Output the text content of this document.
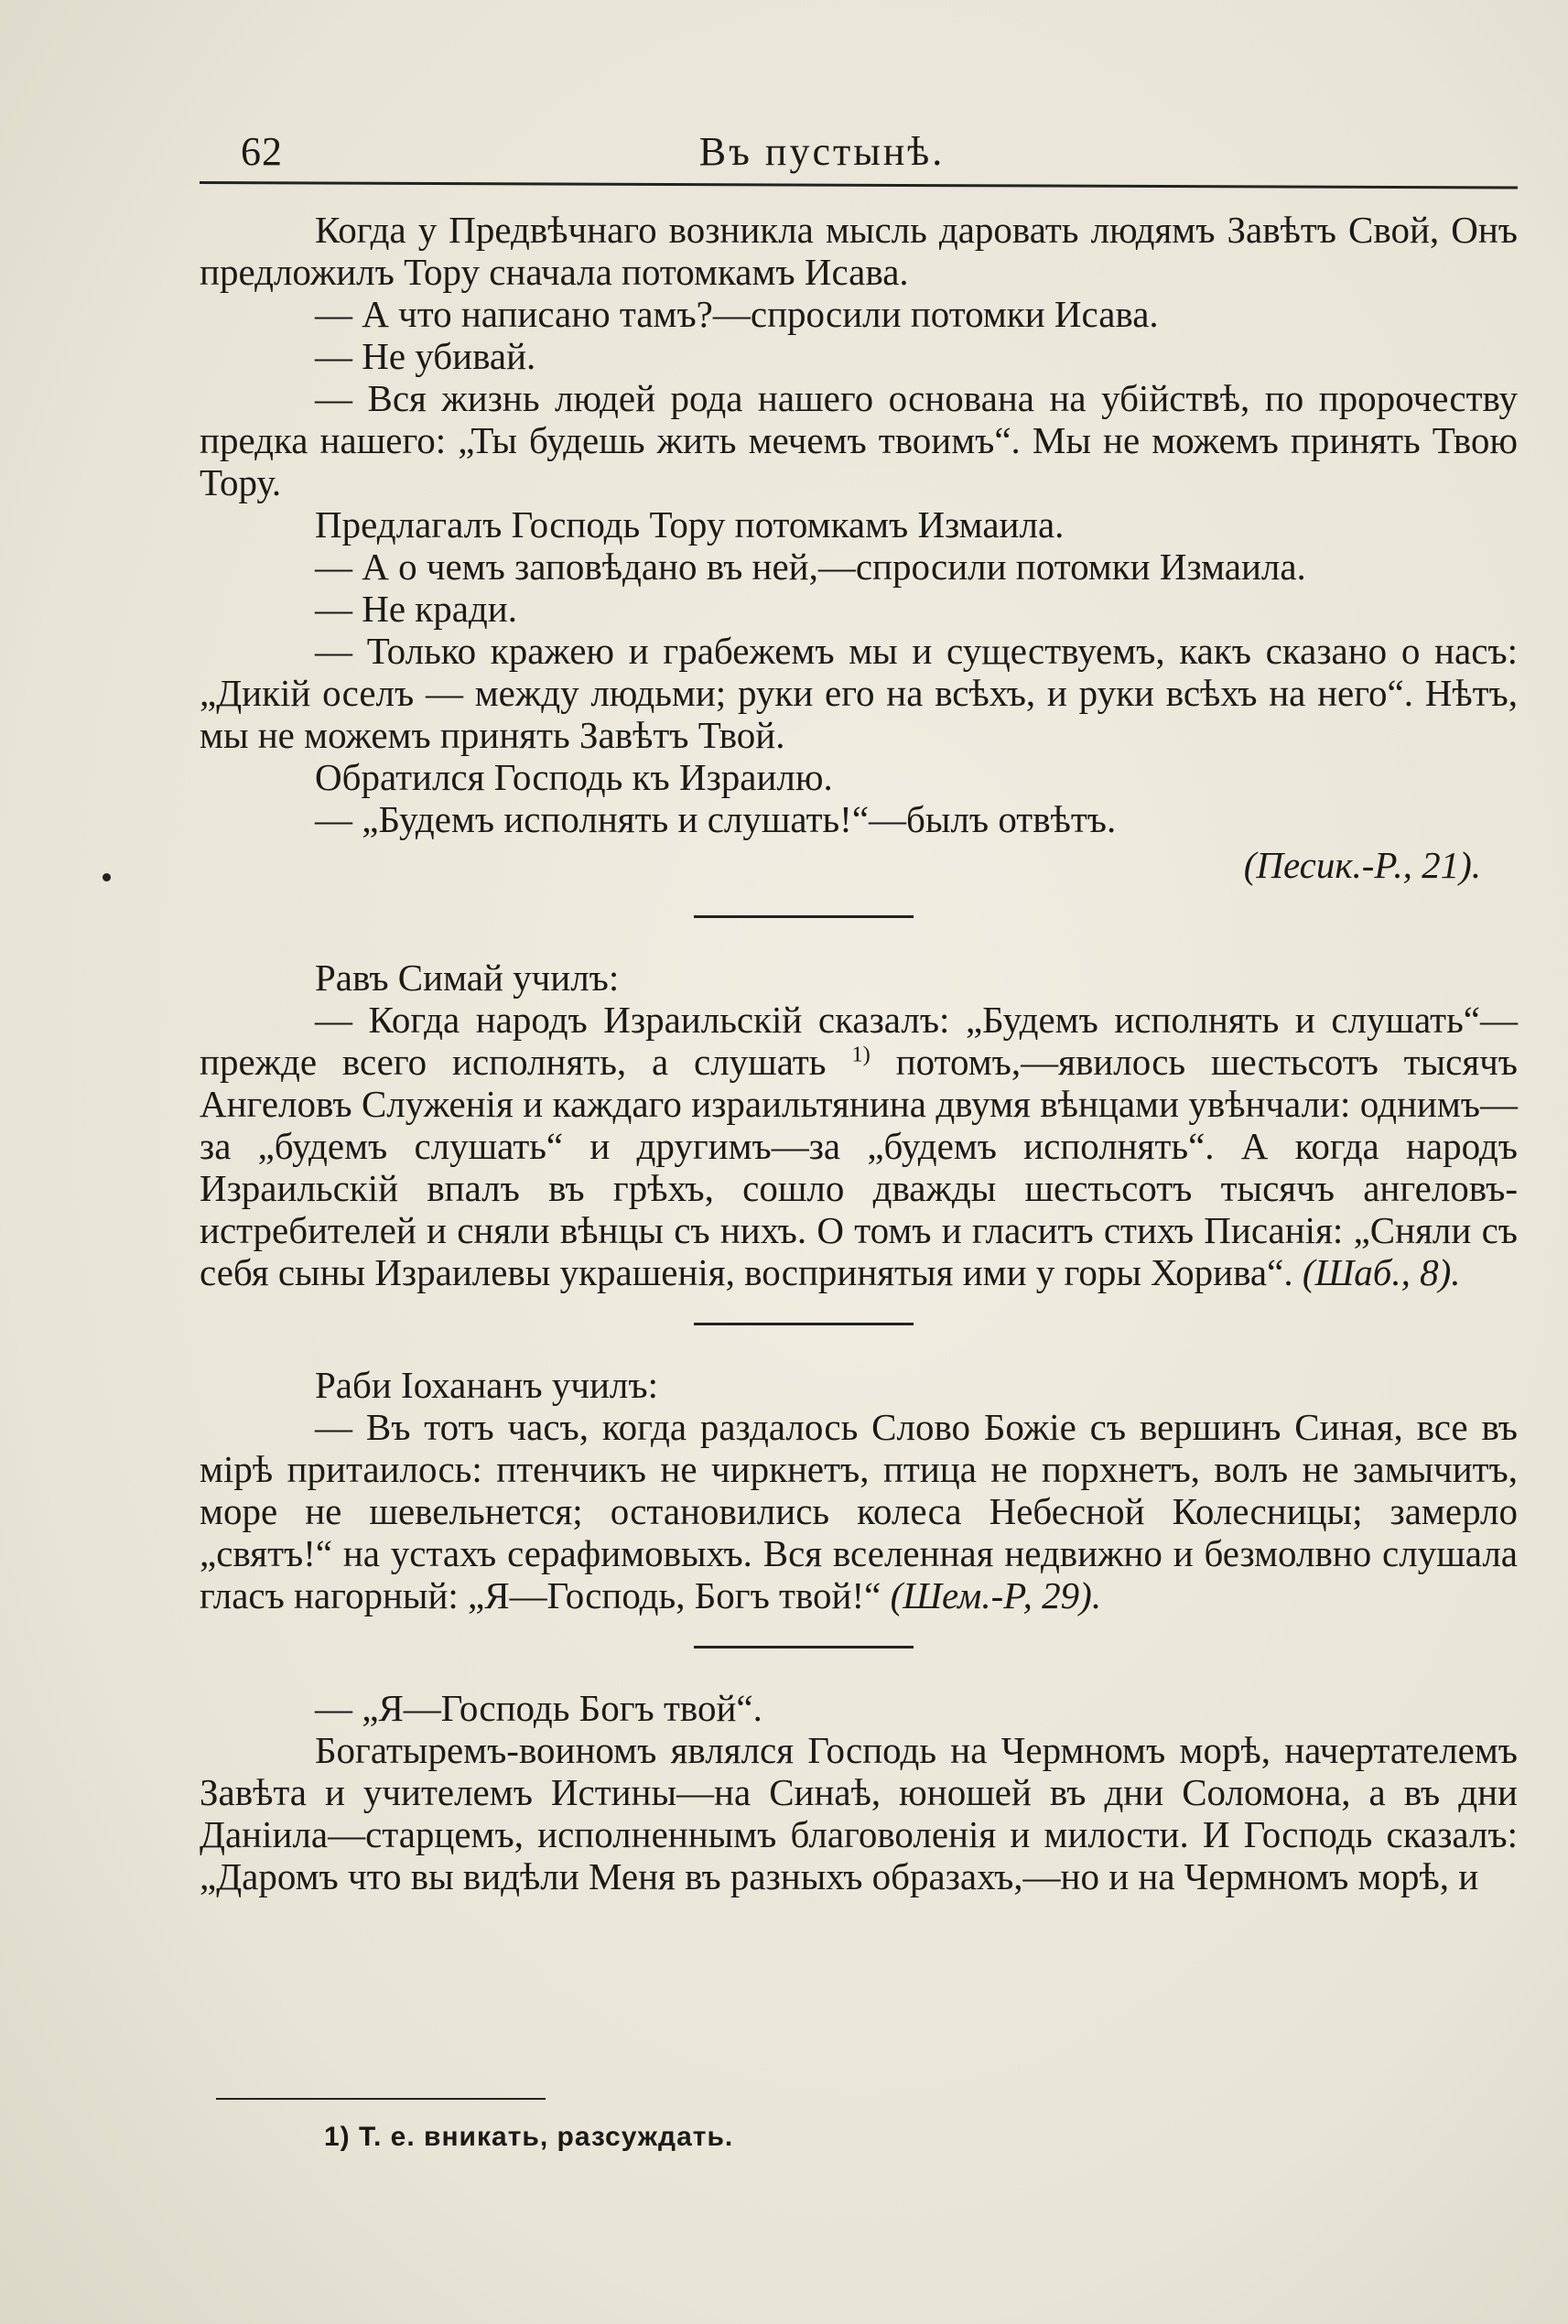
62	Въ пустынѣ.

Когда у Предвѣчнаго возникла мысль даровать людямъ Завѣтъ Свой, Онъ предложилъ Тору сначала потомкамъ Исава.

— А что написано тамъ?—спросили потомки Исава.

— Не убивай.

— Вся жизнь людей рода нашего основана на убійствѣ, по пророчеству предка нашего: „Ты будешь жить мечемъ твоимъ“. Мы не можемъ принять Твою Тору.

Предлагалъ Господь Тору потомкамъ Измаила.

— А о чемъ заповѣдано въ ней,—спросили потомки Измаила.

— Не кради.

— Только кражею и грабежемъ мы и существуемъ, какъ сказано о насъ: „Дикій оселъ — между людьми; руки его на всѣхъ, и руки всѣхъ на него“. Нѣтъ, мы не можемъ принять Завѣтъ Твой.

Обратился Господь къ Израилю.

— „Будемъ исполнять и слушать!“—былъ отвѣтъ.

(Песик.-Р., 21).

Равъ Симай училъ:

— Когда народъ Израильскій сказалъ: „Будемъ исполнять и слушать“—прежде всего исполнять, а слушать $^{1)}$ потомъ,—явилось шестьсотъ тысячъ Ангеловъ Служенія и каждаго израильтянина двумя вѣнцами увѣнчали: однимъ—за „будемъ слушать“ и другимъ—за „будемъ исполнять“. А когда народъ Израильскій впалъ въ грѣхъ, сошло дважды шестьсотъ тысячъ ангеловъ-истребителей и сняли вѣнцы съ нихъ. О томъ и гласитъ стихъ Писанія: „Сняли съ себя сыны Израилевы украшенія, воспринятыя ими у горы Хорива“. (Шаб., 8).

Раби Іохананъ училъ:

— Въ тотъ часъ, когда раздалось Слово Божіе съ вершинъ Синая, все въ мірѣ притаилось: птенчикъ не чиркнетъ, птица не порхнетъ, волъ не замычитъ, море не шевельнется; остановились колеса Небесной Колесницы; замерло „святъ!“ на устахъ серафимовыхъ. Вся вселенная недвижно и безмолвно слушала гласъ нагорный: „Я—Господь, Богъ твой!“ (Шем.-Р, 29).

— „Я—Господь Богъ твой“.

Богатыремъ-воиномъ являлся Господь на Чермномъ морѣ, начертателемъ Завѣта и учителемъ Истины—на Синаѣ, юношей въ дни Соломона, а въ дни Даніила—старцемъ, исполненнымъ благоволенія и милости. И Господь сказалъ: „Даромъ что вы видѣли Меня въ разныхъ образахъ,—но и на Чермномъ морѣ, и

1) Т. е. вникать, разсуждать.
